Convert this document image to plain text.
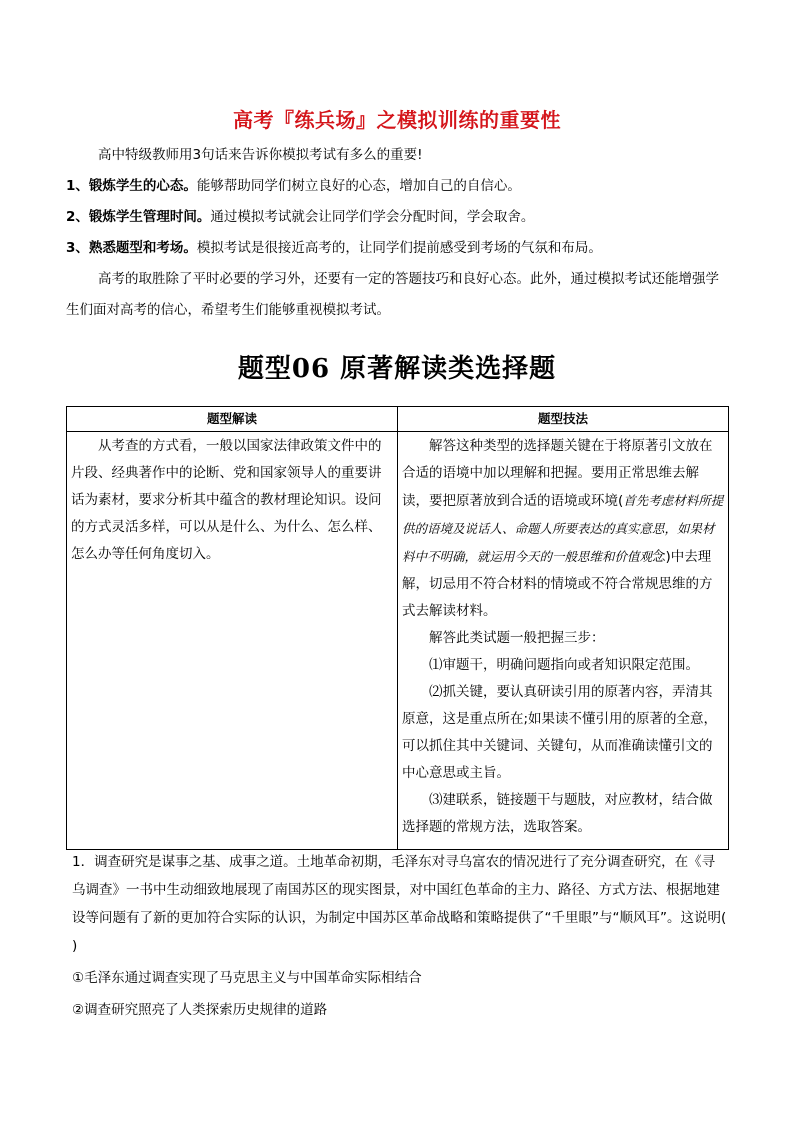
高考『练兵场』之模拟训练的重要性

高中特级教师用3句话来告诉你模拟考试有多么的重要!

1、锻炼学生的心态。能够帮助同学们树立良好的心态，增加自己的自信心。

2、锻炼学生管理时间。通过模拟考试就会让同学们学会分配时间，学会取舍。

3、熟悉题型和考场。模拟考试是很接近高考的，让同学们提前感受到考场的气氛和布局。

高考的取胜除了平时必要的学习外，还要有一定的答题技巧和良好心态。此外，通过模拟考试还能增强学生们面对高考的信心，希望考生们能够重视模拟考试。

题型06 原著解读类选择题
题型解读	题型技法

从考查的方式看，一般以国家法律政策文件中的片段、经典著作中的论断、党和国家领导人的重要讲话为素材，要求分析其中蕴含的教材理论知识。设问的方式灵活多样，可以从是什么、为什么、怎么样、怎么办等任何角度切入。	解答这种类型的选择题关键在于将原著引文放在合适的语境中加以理解和把握。要用正常思维去解读，要把原著放到合适的语境或环境(首先考虑材料所提供的语境及说话人、命题人所要表达的真实意思，如果材料中不明确，就运用今天的一般思维和价值观念)中去理解，切忌用不符合材料的情境或不符合常规思维的方式去解读材料。

解答此类试题一般把握三步：

⑴审题干，明确问题指向或者知识限定范围。

⑵抓关键，要认真研读引用的原著内容，弄清其原意，这是重点所在;如果读不懂引用的原著的全意，可以抓住其中关键词、关键句，从而准确读懂引文的中心意思或主旨。

⑶建联系，链接题干与题肢，对应教材，结合做选择题的常规方法，选取答案。

1．调查研究是谋事之基、成事之道。土地革命初期，毛泽东对寻乌富农的情况进行了充分调查研究，在《寻乌调查》一书中生动细致地展现了南国苏区的现实图景，对中国红色革命的主力、路径、方式方法、根据地建设等问题有了新的更加符合实际的认识，为制定中国苏区革命战略和策略提供了“千里眼”与“顺风耳”。这说明( )

①毛泽东通过调查实现了马克思主义与中国革命实际相结合

②调查研究照亮了人类探索历史规律的道路
